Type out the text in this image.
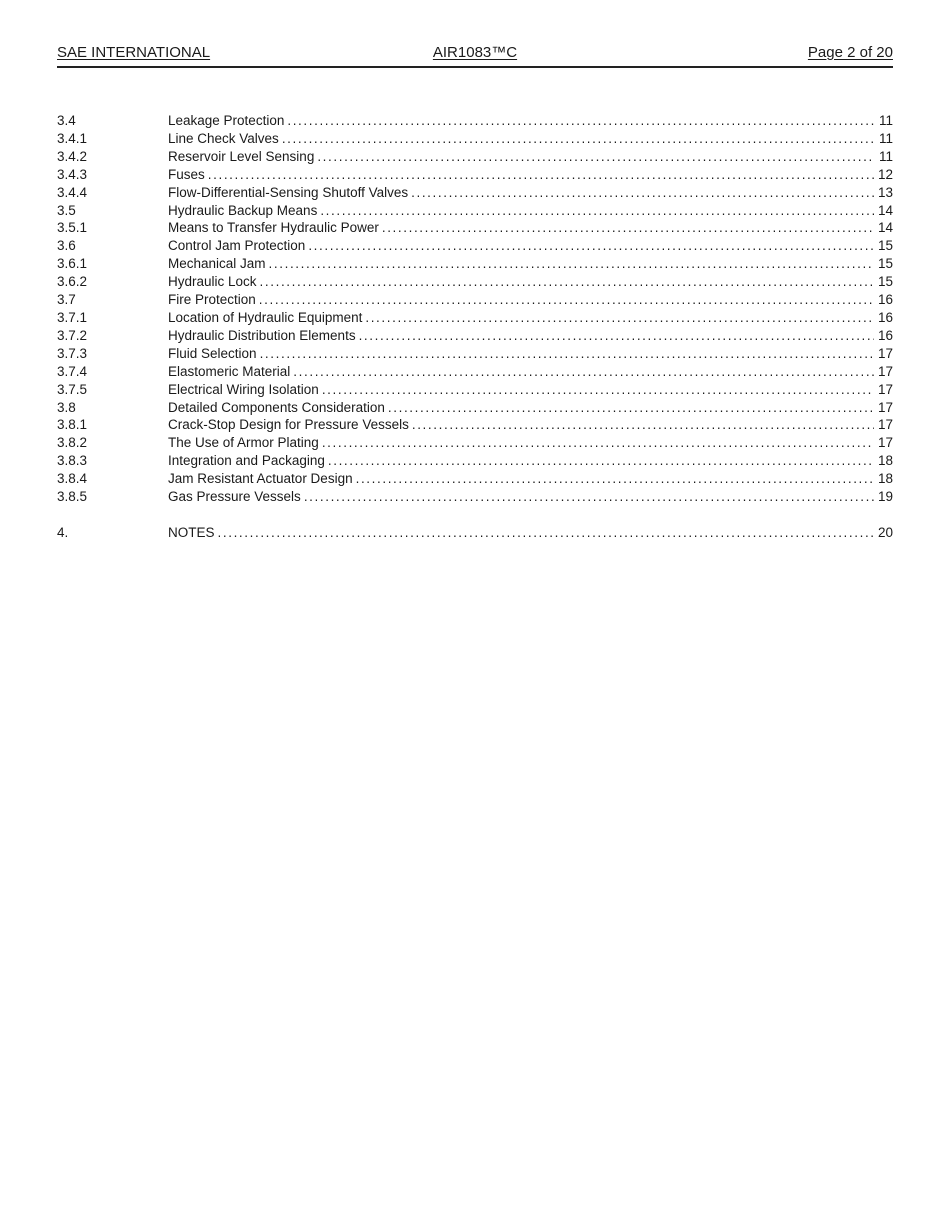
SAE INTERNATIONAL	AIR1083™C	Page 2 of 20
3.4	Leakage Protection .....	11
3.4.1	Line Check Valves .....	11
3.4.2	Reservoir Level Sensing .....	11
3.4.3	Fuses .....	12
3.4.4	Flow-Differential-Sensing Shutoff Valves .....	13
3.5	Hydraulic Backup Means .....	14
3.5.1	Means to Transfer Hydraulic Power .....	14
3.6	Control Jam Protection .....	15
3.6.1	Mechanical Jam .....	15
3.6.2	Hydraulic Lock .....	15
3.7	Fire Protection .....	16
3.7.1	Location of Hydraulic Equipment .....	16
3.7.2	Hydraulic Distribution Elements .....	16
3.7.3	Fluid Selection .....	17
3.7.4	Elastomeric Material .....	17
3.7.5	Electrical Wiring Isolation .....	17
3.8	Detailed Components Consideration .....	17
3.8.1	Crack-Stop Design for Pressure Vessels .....	17
3.8.2	The Use of Armor Plating .....	17
3.8.3	Integration and Packaging .....	18
3.8.4	Jam Resistant Actuator Design .....	18
3.8.5	Gas Pressure Vessels .....	19
4.	NOTES .....	20
